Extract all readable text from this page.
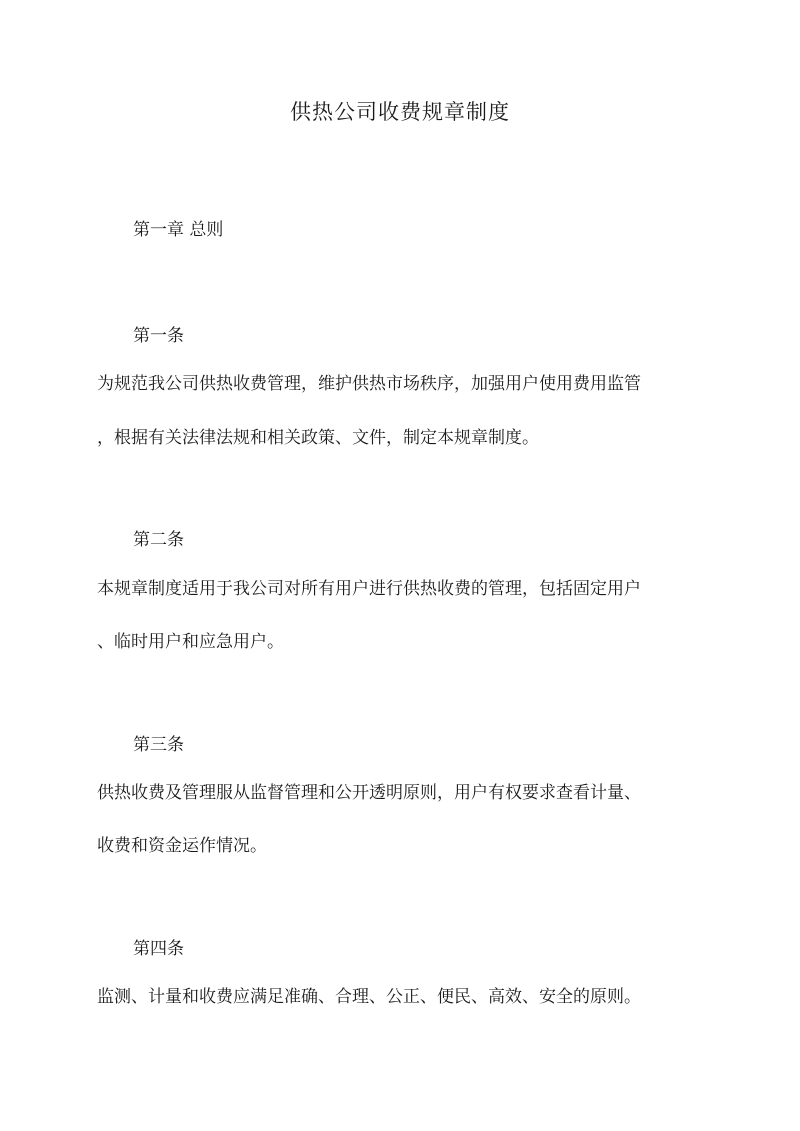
供热公司收费规章制度
第一章 总则
第一条
为规范我公司供热收费管理，维护供热市场秩序，加强用户使用费用监管
，根据有关法律法规和相关政策、文件，制定本规章制度。
第二条
本规章制度适用于我公司对所有用户进行供热收费的管理，包括固定用户
、临时用户和应急用户。
第三条
供热收费及管理服从监督管理和公开透明原则，用户有权要求查看计量、
收费和资金运作情况。
第四条
监测、计量和收费应满足准确、合理、公正、便民、高效、安全的原则。
